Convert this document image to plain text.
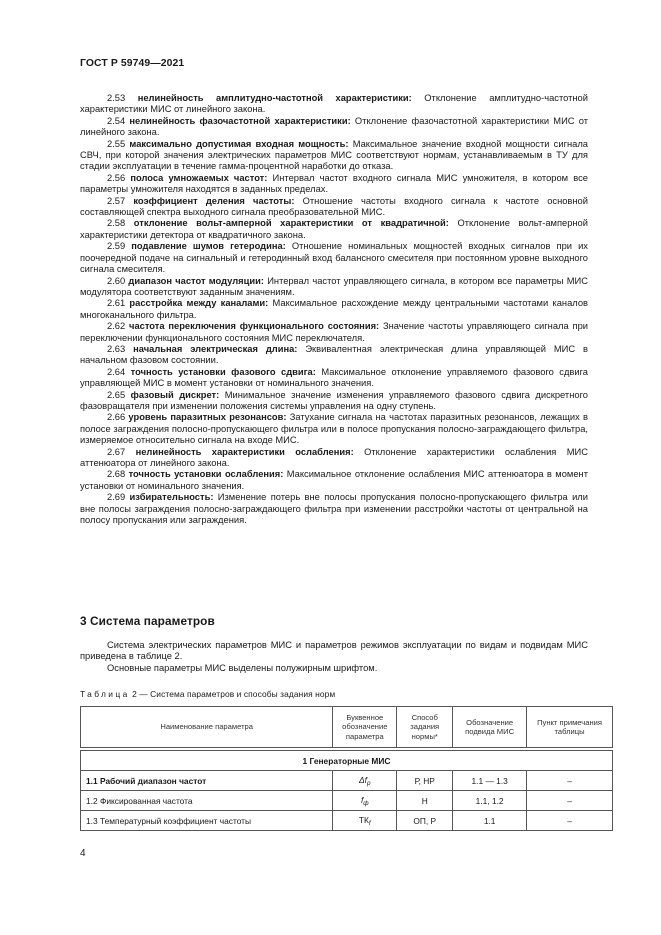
ГОСТ Р 59749—2021

2.53 нелинейность амплитудно-частотной характеристики: Отклонение амплитудно-частотной характеристики МИС от линейного закона.

2.54 нелинейность фазочастотной характеристики: Отклонение фазочастотной характеристики МИС от линейного закона.

2.55 максимально допустимая входная мощность: Максимальное значение входной мощности сигнала СВЧ, при которой значения электрических параметров МИС соответствуют нормам, устанавливаемым в ТУ для стадии эксплуатации в течение гамма-процентной наработки до отказа.

2.56 полоса умножаемых частот: Интервал частот входного сигнала МИС умножителя, в котором все параметры умножителя находятся в заданных пределах.

2.57 коэффициент деления частоты: Отношение частоты входного сигнала к частоте основной составляющей спектра выходного сигнала преобразовательной МИС.

2.58 отклонение вольт-амперной характеристики от квадратичной: Отклонение вольт-амперной характеристики детектора от квадратичного закона.

2.59 подавление шумов гетеродина: Отношение номинальных мощностей входных сигналов при их поочередной подаче на сигнальный и гетеродинный вход балансного смесителя при постоянном уровне выходного сигнала смесителя.

2.60 диапазон частот модуляции: Интервал частот управляющего сигнала, в котором все параметры МИС модулятора соответствуют заданным значениям.

2.61 расстройка между каналами: Максимальное расхождение между центральными частотами каналов многоканального фильтра.

2.62 частота переключения функционального состояния: Значение частоты управляющего сигнала при переключении функционального состояния МИС переключателя.

2.63 начальная электрическая длина: Эквивалентная электрическая длина управляющей МИС в начальном фазовом состоянии.

2.64 точность установки фазового сдвига: Максимальное отклонение управляемого фазового сдвига управляющей МИС в момент установки от номинального значения.

2.65 фазовый дискрет: Минимальное значение изменения управляемого фазового сдвига дискретного фазовращателя при изменении положения системы управления на одну ступень.

2.66 уровень паразитных резонансов: Затухание сигнала на частотах паразитных резонансов, лежащих в полосе заграждения полосно-пропускающего фильтра или в полосе пропускания полосно-заграждающего фильтра, измеряемое относительно сигнала на входе МИС.

2.67 нелинейность характеристики ослабления: Отклонение характеристики ослабления МИС аттенюатора от линейного закона.

2.68 точность установки ослабления: Максимальное отклонение ослабления МИС аттенюатора в момент установки от номинального значения.

2.69 избирательность: Изменение потерь вне полосы пропускания полосно-пропускающего фильтра или вне полосы заграждения полосно-заграждающего фильтра при изменении расстройки частоты от центральной на полосу пропускания или заграждения.

3 Система параметров

Система электрических параметров МИС и параметров режимов эксплуатации по видам и подвидам МИС приведена в таблице 2.

Основные параметры МИС выделены полужирным шрифтом.

Таблица 2 — Система параметров и способы задания норм
Наименование параметра	Буквенное обозначение параметра	Способ задания нормы*	Обозначение подвида МИС	Пункт примечания таблицы

1 Генераторные МИС				
1.1 Рабочий диапазон частот	$\Delta f_р$	Р, НР	1.1 — 1.3	–
1.2 Фиксированная частота	$f_ф$	Н	1.1, 1.2	–
1.3 Температурный коэффициент частоты	$ТК_f$	ОП, Р	1.1	–
4
